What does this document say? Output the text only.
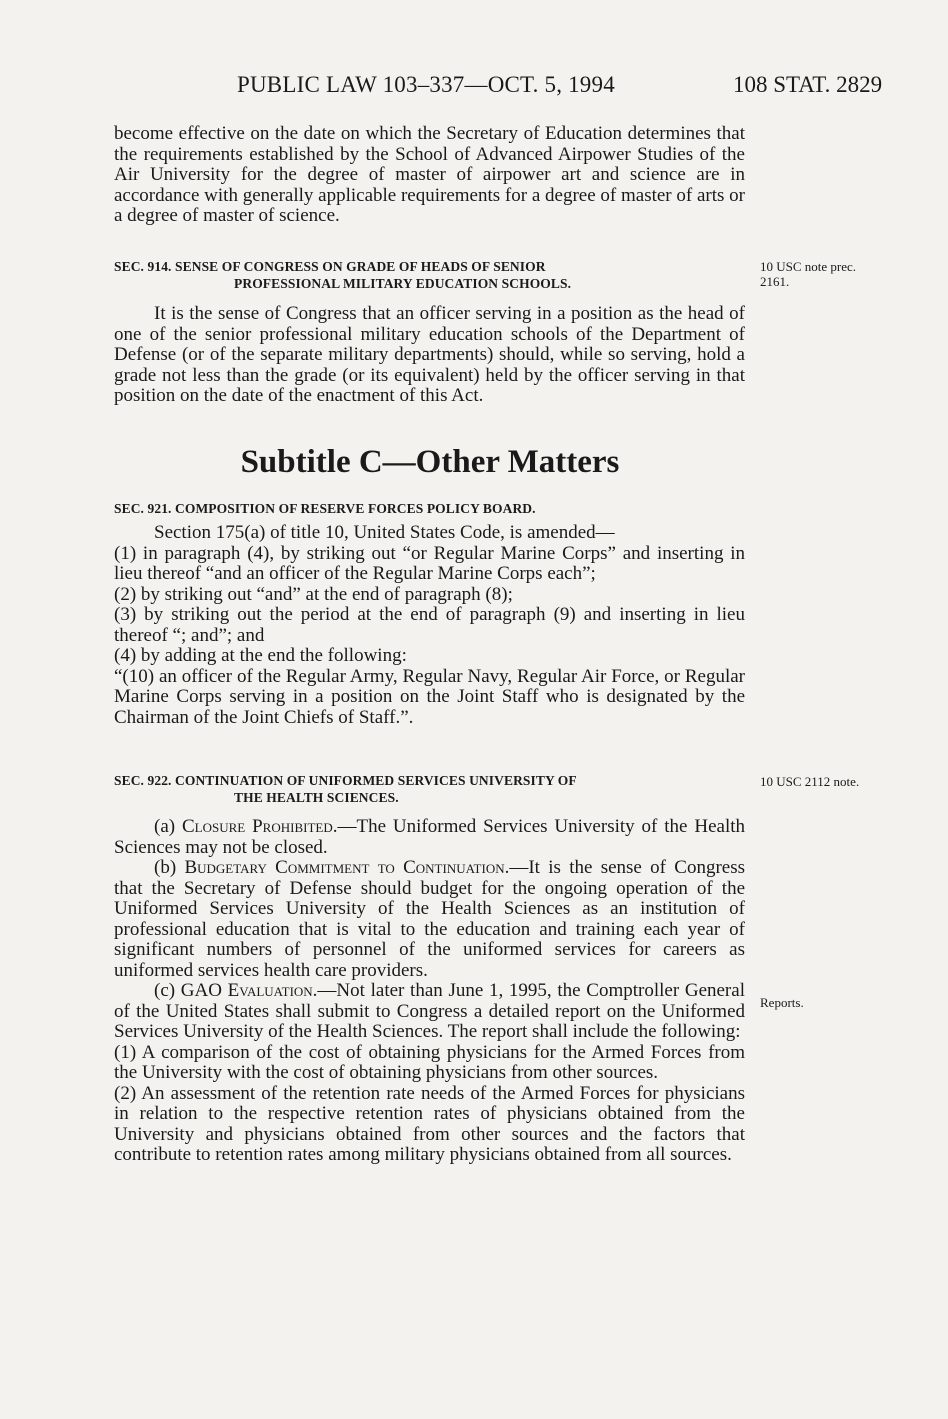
PUBLIC LAW 103–337—OCT. 5, 1994	108 STAT. 2829

become effective on the date on which the Secretary of Education determines that the requirements established by the School of Advanced Airpower Studies of the Air University for the degree of master of airpower art and science are in accordance with generally applicable requirements for a degree of master of arts or a degree of master of science.

SEC. 914. SENSE OF CONGRESS ON GRADE OF HEADS OF SENIOR
PROFESSIONAL MILITARY EDUCATION SCHOOLS.
10 USC note prec. 2161.

It is the sense of Congress that an officer serving in a position as the head of one of the senior professional military education schools of the Department of Defense (or of the separate military departments) should, while so serving, hold a grade not less than the grade (or its equivalent) held by the officer serving in that position on the date of the enactment of this Act.

Subtitle C—Other Matters
SEC. 921. COMPOSITION OF RESERVE FORCES POLICY BOARD.

Section 175(a) of title 10, United States Code, is amended—

(1) in paragraph (4), by striking out “or Regular Marine Corps” and inserting in lieu thereof “and an officer of the Regular Marine Corps each”;

(2) by striking out “and” at the end of paragraph (8);

(3) by striking out the period at the end of paragraph (9) and inserting in lieu thereof “; and”; and

(4) by adding at the end the following:

“(10) an officer of the Regular Army, Regular Navy, Regular Air Force, or Regular Marine Corps serving in a position on the Joint Staff who is designated by the Chairman of the Joint Chiefs of Staff.”.

SEC. 922. CONTINUATION OF UNIFORMED SERVICES UNIVERSITY OF
THE HEALTH SCIENCES.
10 USC 2112 note.

(a) Closure Prohibited.—The Uniformed Services University of the Health Sciences may not be closed.

(b) Budgetary Commitment to Continuation.—It is the sense of Congress that the Secretary of Defense should budget for the ongoing operation of the Uniformed Services University of the Health Sciences as an institution of professional education that is vital to the education and training each year of significant numbers of personnel of the uniformed services for careers as uniformed services health care providers.

(c) GAO Evaluation.—Not later than June 1, 1995, the Comptroller General of the United States shall submit to Congress a detailed report on the Uniformed Services University of the Health Sciences. The report shall include the following:

(1) A comparison of the cost of obtaining physicians for the Armed Forces from the University with the cost of obtaining physicians from other sources.

(2) An assessment of the retention rate needs of the Armed Forces for physicians in relation to the respective retention rates of physicians obtained from the University and physicians obtained from other sources and the factors that contribute to retention rates among military physicians obtained from all sources.

Reports.
